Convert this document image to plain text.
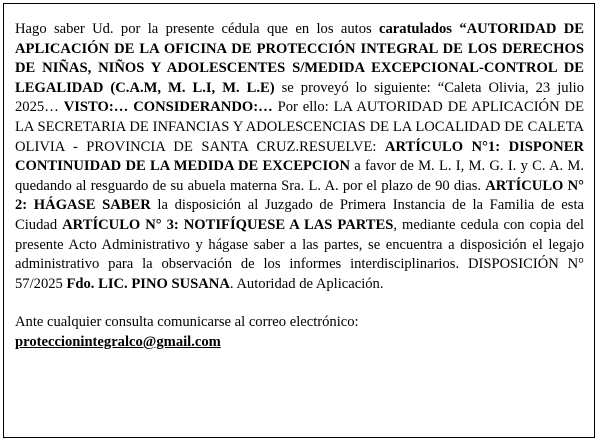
Hago saber Ud. por la presente cédula que en los autos caratulados “AUTORIDAD DE APLICACIÓN DE LA OFICINA DE PROTECCIÓN INTEGRAL DE LOS DERECHOS DE NIÑAS, NIÑOS Y ADOLESCENTES S/MEDIDA EXCEPCIONAL-CONTROL DE LEGALIDAD (C.A.M, M. L.I, M. L.E) se proveyó lo siguiente: “Caleta Olivia, 23 julio 2025… VISTO:… CONSIDERANDO:… Por ello: LA AUTORIDAD DE APLICACIÓN DE LA SECRETARIA DE INFANCIAS Y ADOLESCENCIAS DE LA LOCALIDAD DE CALETA OLIVIA - PROVINCIA DE SANTA CRUZ.RESUELVE: ARTÍCULO N°1: DISPONER CONTINUIDAD DE LA MEDIDA DE EXCEPCION a favor de M. L. I, M. G. I. y C. A. M. quedando al resguardo de su abuela materna Sra. L. A. por el plazo de 90 dias. ARTÍCULO N° 2: HÁGASE SABER la disposición al Juzgado de Primera Instancia de la Familia de esta Ciudad ARTÍCULO N° 3: NOTIFÍQUESE A LAS PARTES, mediante cedula con copia del presente Acto Administrativo y hágase saber a las partes, se encuentra a disposición el legajo administrativo para la observación de los informes interdisciplinarios. DISPOSICIÓN N° 57/2025 Fdo. LIC. PINO SUSANA. Autoridad de Aplicación.

Ante cualquier consulta comunicarse al correo electrónico:

proteccionintegralco@gmail.com
